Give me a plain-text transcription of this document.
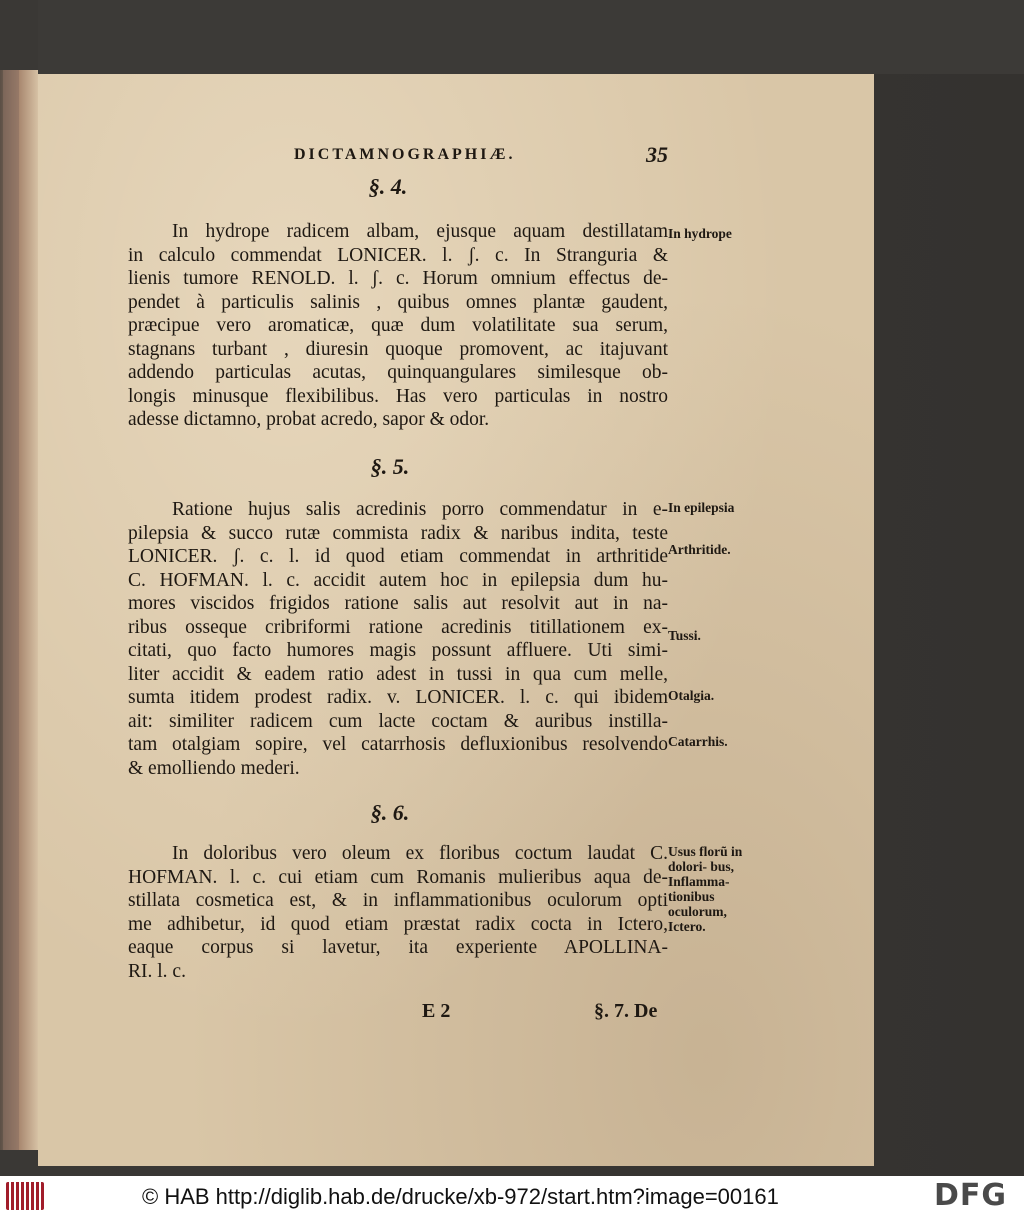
DICTAMNOGRAPHIÆ.	35
§. 4.
In hydrope radicem albam, ejusque aquam destillatam
in calculo commendat LONICER. l. ʃ. c. In Stranguria &
lienis tumore RENOLD. l. ʃ. c. Horum omnium effectus de-
pendet à particulis salinis , quibus omnes plantæ gaudent,
præcipue vero aromaticæ, quæ dum volatilitate sua serum,
stagnans turbant , diuresin quoque promovent, ac itajuvant
addendo particulas acutas, quinquangulares similesque ob-
longis minusque flexibilibus. Has vero particulas in nostro
adesse dictamno, probat acredo, sapor & odor.
In hydrope
§. 5.
Ratione hujus salis acredinis porro commendatur in e-
pilepsia & succo rutæ commista radix & naribus indita, teste
LONICER. ʃ. c. l. id quod etiam commendat in arthritide
C. HOFMAN. l. c. accidit autem hoc in epilepsia dum hu-
mores viscidos frigidos ratione salis aut resolvit aut in na-
ribus osseque cribriformi ratione acredinis titillationem ex-
citati, quo facto humores magis possunt affluere. Uti simi-
liter accidit & eadem ratio adest in tussi in qua cum melle,
sumta itidem prodest radix. v. LONICER. l. c. qui ibidem
ait: similiter radicem cum lacte coctam & auribus instilla-
tam otalgiam sopire, vel catarrhosis defluxionibus resolvendo
& emolliendo mederi.
In epilepsia
Arthritide.
Tussi.
Otalgia.
Catarrhis.
§. 6.
In doloribus vero oleum ex floribus coctum laudat C.
HOFMAN. l. c. cui etiam cum Romanis mulieribus aqua de-
stillata cosmetica est, & in inflammationibus oculorum opti
me adhibetur, id quod etiam præstat radix cocta in Ictero,
eaque corpus si lavetur, ita experiente APOLLINA-
RI. l. c.
Usus florũ in dolori- bus, Inflamma- tionibus oculorum, Ictero.
E 2	§. 7. De
© HAB http://diglib.hab.de/drucke/xb-972/start.htm?image=00161	DFG
